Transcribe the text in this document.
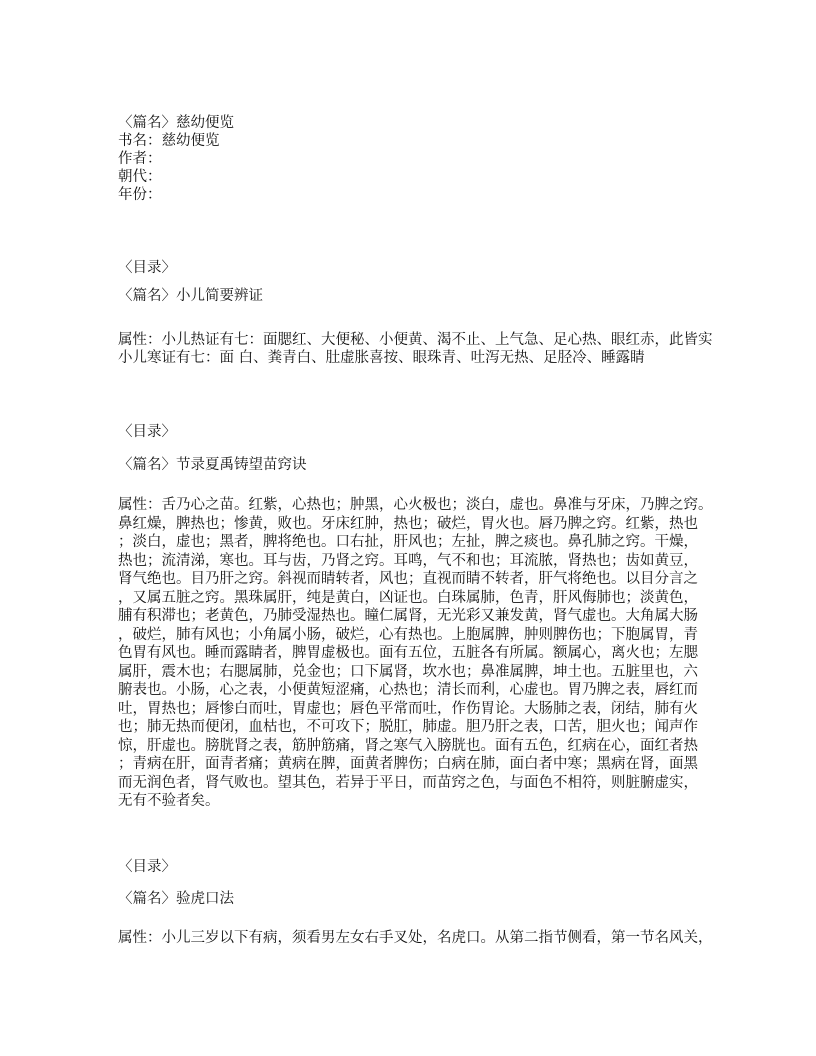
〈篇名〉慈幼便览
书名：慈幼便览
作者：
朝代：
年份：
〈目录〉
〈篇名〉小儿简要辨证
属性：小儿热证有七：面腮红、大便秘、小便黄、渴不止、上气急、足心热、眼红赤，此皆实
小儿寒证有七：面 白、粪青白、肚虚胀喜按、眼珠青、吐泻无热、足胫冷、睡露睛
〈目录〉
〈篇名〉节录夏禹铸望苗窍诀
属性：舌乃心之苗。红紫，心热也；肿黑，心火极也；淡白，虚也。鼻准与牙床，乃脾之窍。
鼻红燥，脾热也；惨黄，败也。牙床红肿，热也；破烂，胃火也。唇乃脾之窍。红紫，热也
；淡白，虚也；黑者，脾将绝也。口右扯，肝风也；左扯，脾之痰也。鼻孔肺之窍。干燥，
热也；流清涕，寒也。耳与齿，乃肾之窍。耳鸣，气不和也；耳流脓，肾热也；齿如黄豆，
肾气绝也。目乃肝之窍。斜视而睛转者，风也；直视而睛不转者，肝气将绝也。以目分言之
，又属五脏之窍。黑珠属肝，纯是黄白，凶证也。白珠属肺，色青，肝风侮肺也；淡黄色，
脯有积滞也；老黄色，乃肺受湿热也。瞳仁属肾，无光彩又兼发黄，肾气虚也。大角属大肠
，破烂，肺有风也；小角属小肠，破烂，心有热也。上胞属脾，肿则脾伤也；下胞属胃，青
色胃有风也。睡而露睛者，脾胃虚极也。面有五位，五脏各有所属。额属心，离火也；左腮
属肝，震木也；右腮属肺，兑金也；口下属肾，坎水也；鼻准属脾，坤土也。五脏里也，六
腑表也。小肠，心之表，小便黄短涩痛，心热也；清长而利，心虚也。胃乃脾之表，唇红而
吐，胃热也；唇惨白而吐，胃虚也；唇色平常而吐，作伤胃论。大肠肺之表，闭结，肺有火
也；肺无热而便闭，血枯也，不可攻下；脱肛，肺虚。胆乃肝之表，口苦，胆火也；闻声作
惊，肝虚也。膀胱肾之表，筋肿筋痛，肾之寒气入膀胱也。面有五色，红病在心，面红者热
；青病在肝，面青者痛；黄病在脾，面黄者脾伤；白病在肺，面白者中寒；黑病在肾，面黑
而无润色者，肾气败也。望其色，若异于平日，而苗窍之色，与面色不相符，则脏腑虚实，
无有不验者矣。
〈目录〉
〈篇名〉验虎口法
属性：小儿三岁以下有病，须看男左女右手叉处，名虎口。从第二指节侧看，第一节名风关，
